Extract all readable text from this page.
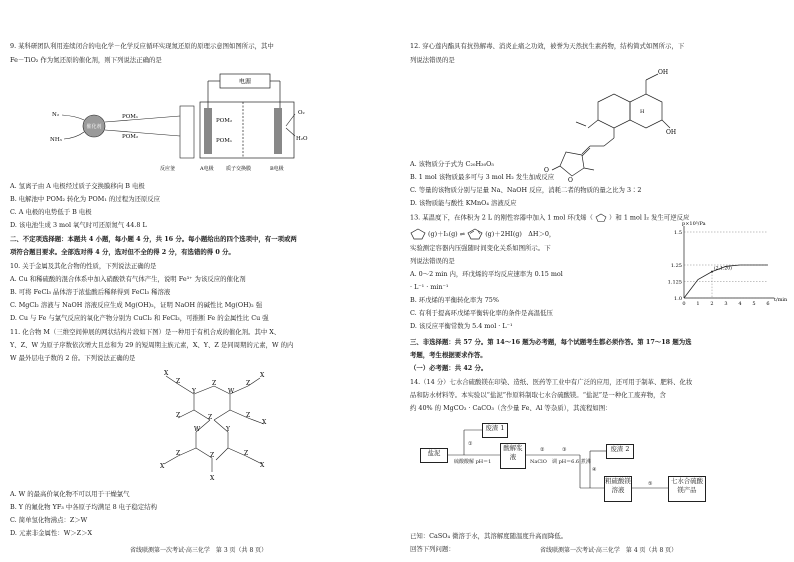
9. 某科研团队利用连续闭合的电化学－化学反应循环实现氮还原的原理示意图如图所示，其中
Fe－TiO₂ 作为氮还原的催化剂，则下列说法正确的是
电源
催化剂
N₂
NH₃
POM₁
POM₂
POM₂
POM₁
O₂
H₂O
反应釜	A电极 质子交换膜	B电极
A. 氢离子由 A 电极经过质子交换膜移向 B 电极
B. 电解池中 POM₂ 转化为 POM₁ 的过程为还原反应
C. A 电极的电势低于 B 电极
D. 该电池生成 3 mol 氧气时可还原氮气 44.8 L
二、不定项选择题：本题共 4 小题，每小题 4 分，共 16 分。每小题给出的四个选项中，有一项或两
项符合题目要求。全部选对得 4 分，选对但不全的得 2 分，有选错的得 0 分。
10. 关于金属及其化合物的性质，下列说法正确的是
A. Cu 和稀硫酸的混合体系中加入硝酸铁有气体产生，说明 Fe³⁺ 为该反应的催化剂
B. 可将 FeCl₃ 晶体溶于浓盐酸后稀释得到 FeCl₃ 稀溶液
C. MgCl₂ 溶液与 NaOH 溶液反应生成 Mg(OH)₂，证明 NaOH 的碱性比 Mg(OH)₂ 强
D. Cu 与 Fe 与氯气反应的氧化产物分别为 CuCl₂ 和 FeCl₃，可推断 Fe 的金属性比 Cu 强
11. 化合物 M（三维空间伸展的网状结构片段如下图）是一种用于有机合成的催化剂。其中 X、
Y、Z、W 为原子序数依次增大且总和为 29 的短周期主族元素，X、Y、Z 是同周期的元素，W 的内
W 最外层电子数的 2 倍。下列说法正确的是
Y	W
Z
Z	Z
X	X
Z
W	Y
Z	Z
X
Z	Z
Z
X
X
X
A. W 的最高价氧化物不可以用于干燥氯气
B. Y 的氟化物 YF₃ 中各原子均满足 8 电子稳定结构
C. 简单氢化物沸点：Z＞W
D. 元素非金属性：W＞Z＞X
省线联测第一次考试·高三化学　第 3 页（共 8 页）
12. 穿心莲内酯具有抗热解毒、消炎止痛之功效，被誉为天然抗生素药物，结构简式如图所示，下
列说法错误的是
OH
OH
H
O
O
A. 该物质分子式为 C₂₀H₃₀O₅
B. 1 mol 该物质最多可与 3 mol H₂ 发生加成反应
C. 等量的该物质分别与足量 Na、NaOH 反应，消耗二者的物质的量之比为 3∶2
D. 该物质能与酸性 KMnO₄ 溶液反应
13. 某温度下，在体积为 2 L 的刚性容器中加入 1 mol 环戊烯（	）和 1 mol I₂ 发生可逆反应
(g)＋I₂(g) ⇌	(g)＋2HI(g)　ΔH＞0，
实验测定容器内压强随时间变化关系如图所示。下
列说法错误的是
A. 0～2 min 内，环戊烯的平均反应速率为 0.15 mol
· L⁻¹ · min⁻¹
B. 环戊烯的平衡转化率为 75%
C. 有利于提高环戊烯平衡转化率的条件是高温低压
D. 该反应平衡常数为 5.4 mol · L⁻¹
p×10⁵/Pa
t/min
0 1 2 3 4 5 6
1.0
1.125
1.25
1.5
(2,1.20)
三、非选择题：共 57 分。第 14～16 题为必考题，每个试题考生都必须作答。第 17～18 题为选
考题，考生根据要求作答。
（一）必考题：共 42 分。
14.（14 分）七水合硫酸镁在印染、造纸、医药等工业中有广泛的应用，还可用于制革、肥料、化妆
品和防水材料等。本实验以“盐泥”作原料制取七水合硫酸镁。“盐泥”是一种化工废弃物，含
约 40% 的 MgCO₃ · CaCO₃（含少量 Fe、Al 等杂质），其流程如图：
盐泥
废渣 1
酸解浆液
废渣 2
粗硫酸镁溶液
七水合硫酸镁产品
①
硫酸酸解 pH＝1
②
NaClO
③
调 pH＝6.6 煮沸
④
⑤
已知：CaSO₄ 微溶于水，其溶解度随温度升高而降低。
回答下列问题：	省线联测第一次考试·高三化学　第 4 页（共 8 页）
